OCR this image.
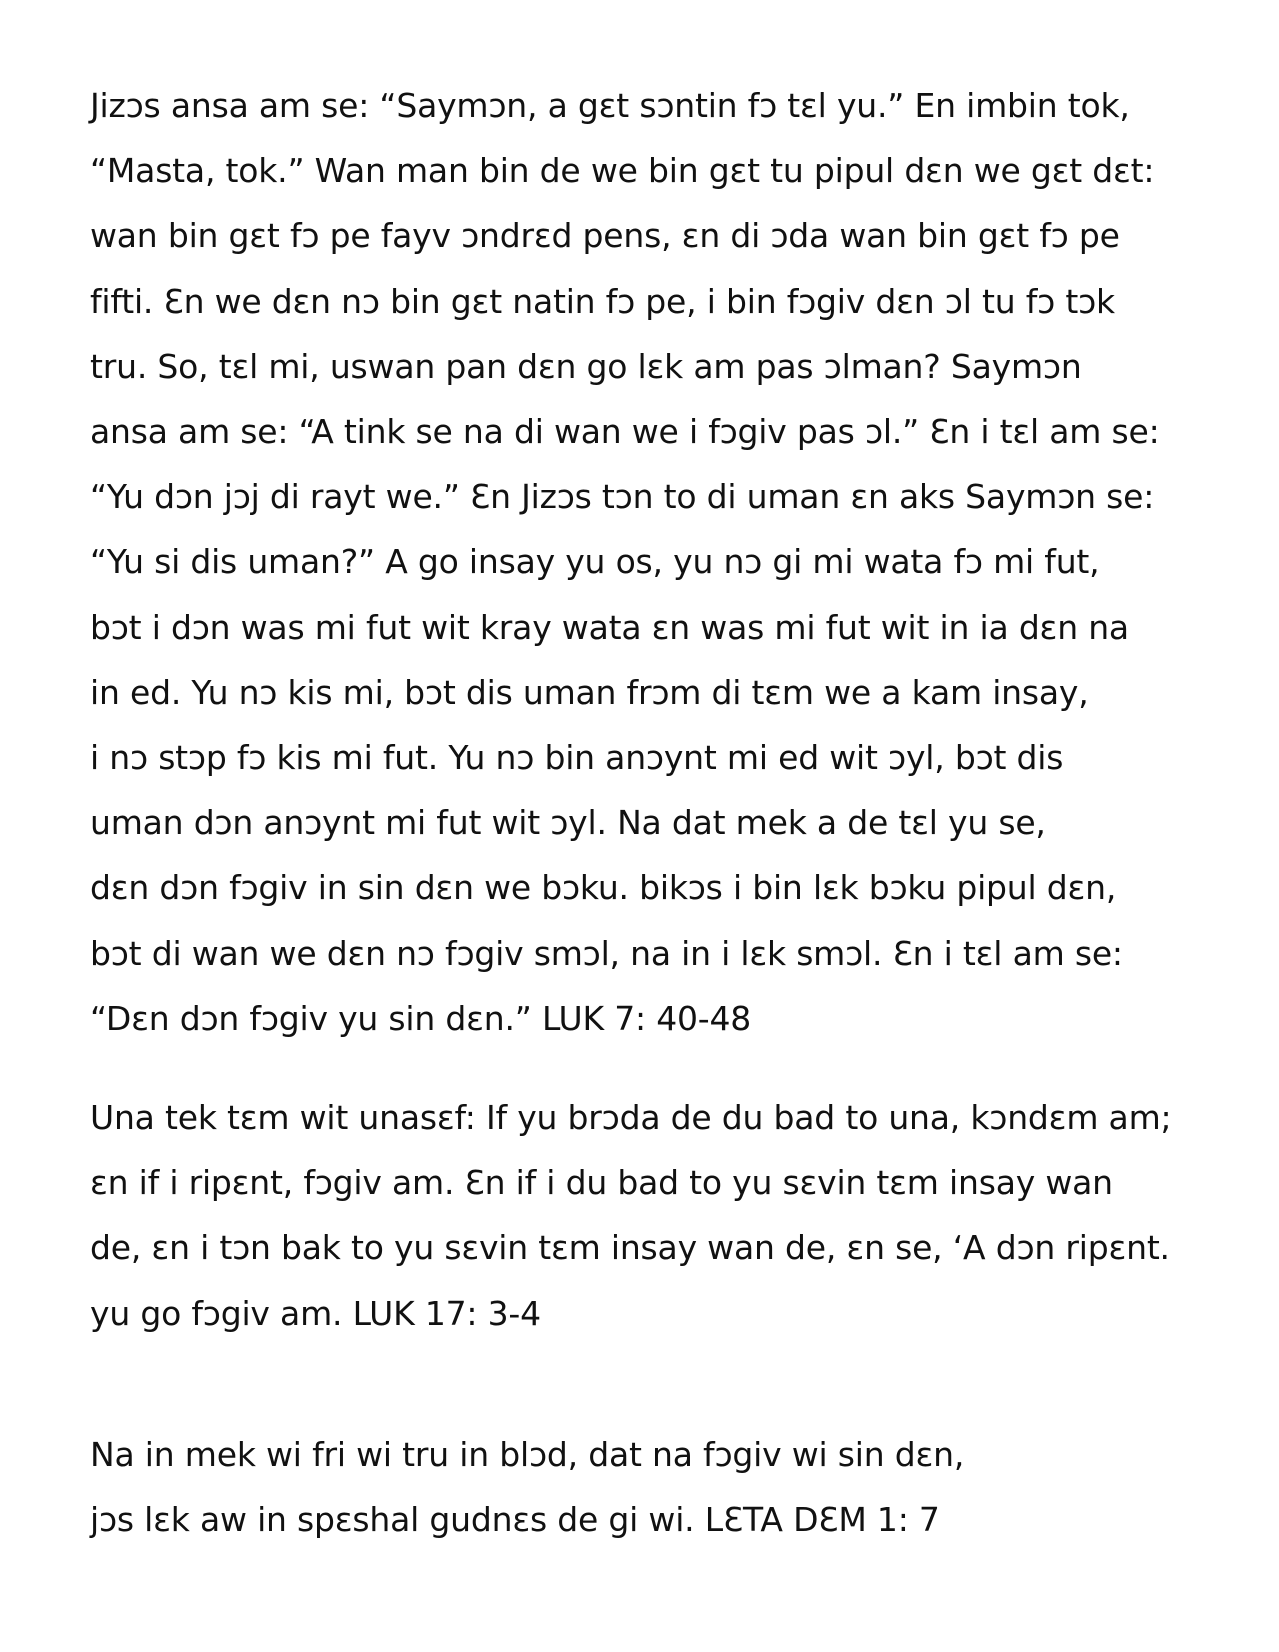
Jizɔs ansa am se: “Saymɔn, a gɛt sɔntin fɔ tɛl yu.” En imbin tok,
“Masta, tok.” Wan man bin de we bin gɛt tu pipul dɛn we gɛt dɛt:
wan bin gɛt fɔ pe fayv ɔndrɛd pens, ɛn di ɔda wan bin gɛt fɔ pe
fifti. Ɛn we dɛn nɔ bin gɛt natin fɔ pe, i bin fɔgiv dɛn ɔl tu fɔ tɔk
tru. So, tɛl mi, uswan pan dɛn go lɛk am pas ɔlman? Saymɔn
ansa am se: “A tink se na di wan we i fɔgiv pas ɔl.” Ɛn i tɛl am se:
“Yu dɔn jɔj di rayt we.” Ɛn Jizɔs tɔn to di uman ɛn aks Saymɔn se:
“Yu si dis uman?” A go insay yu os, yu nɔ gi mi wata fɔ mi fut,
bɔt i dɔn was mi fut wit kray wata ɛn was mi fut wit in ia dɛn na
in ed. Yu nɔ kis mi, bɔt dis uman frɔm di tɛm we a kam insay,
i nɔ stɔp fɔ kis mi fut. Yu nɔ bin anɔynt mi ed wit ɔyl, bɔt dis
uman dɔn anɔynt mi fut wit ɔyl. Na dat mek a de tɛl yu se,
dɛn dɔn fɔgiv in sin dɛn we bɔku. bikɔs i bin lɛk bɔku pipul dɛn,
bɔt di wan we dɛn nɔ fɔgiv smɔl, na in i lɛk smɔl. Ɛn i tɛl am se:
“Dɛn dɔn fɔgiv yu sin dɛn.” LUK 7: 40-48
Una tek tɛm wit unasɛf: If yu brɔda de du bad to una, kɔndɛm am;
ɛn if i ripɛnt, fɔgiv am. Ɛn if i du bad to yu sɛvin tɛm insay wan
de, ɛn i tɔn bak to yu sɛvin tɛm insay wan de, ɛn se, ‘A dɔn ripɛnt.
yu go fɔgiv am. LUK 17: 3-4
Na in mek wi fri wi tru in blɔd, dat na fɔgiv wi sin dɛn,
jɔs lɛk aw in spɛshal gudnɛs de gi wi. LƐTA DƐM 1: 7
